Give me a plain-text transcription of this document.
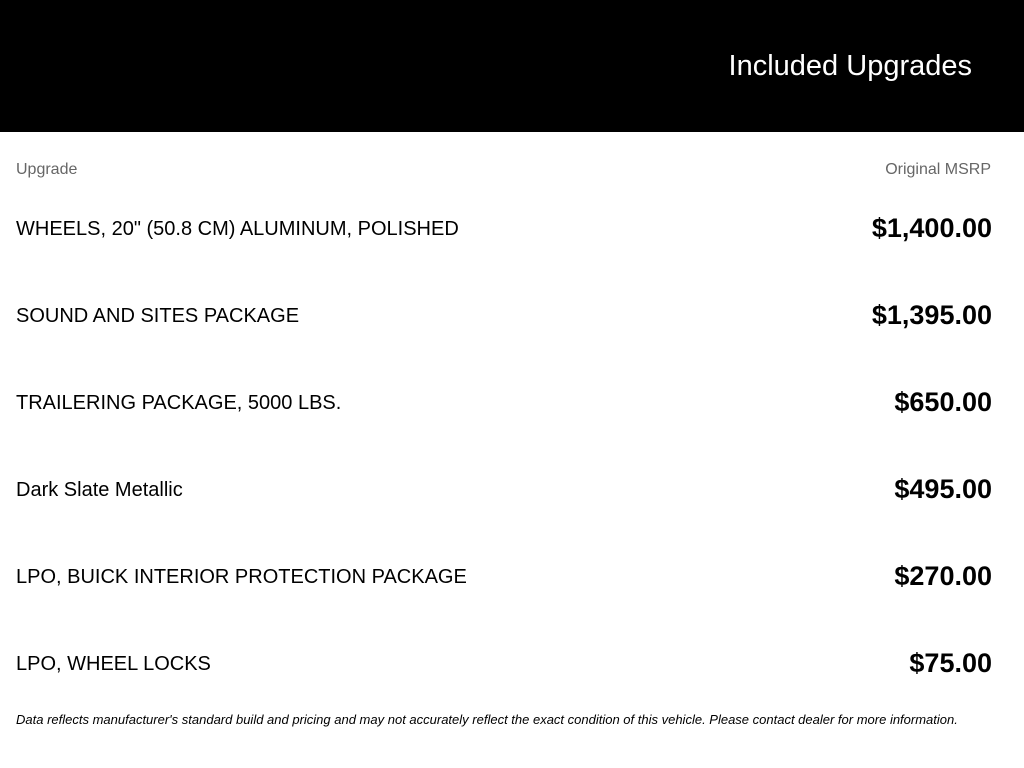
Included Upgrades
Upgrade	Original MSRP
WHEELS, 20" (50.8 CM) ALUMINUM, POLISHED	$1,400.00
SOUND AND SITES PACKAGE	$1,395.00
TRAILERING PACKAGE, 5000 LBS.	$650.00
Dark Slate Metallic	$495.00
LPO, BUICK INTERIOR PROTECTION PACKAGE	$270.00
LPO, WHEEL LOCKS	$75.00
Data reflects manufacturer's standard build and pricing and may not accurately reflect the exact condition of this vehicle. Please contact dealer for more information.
